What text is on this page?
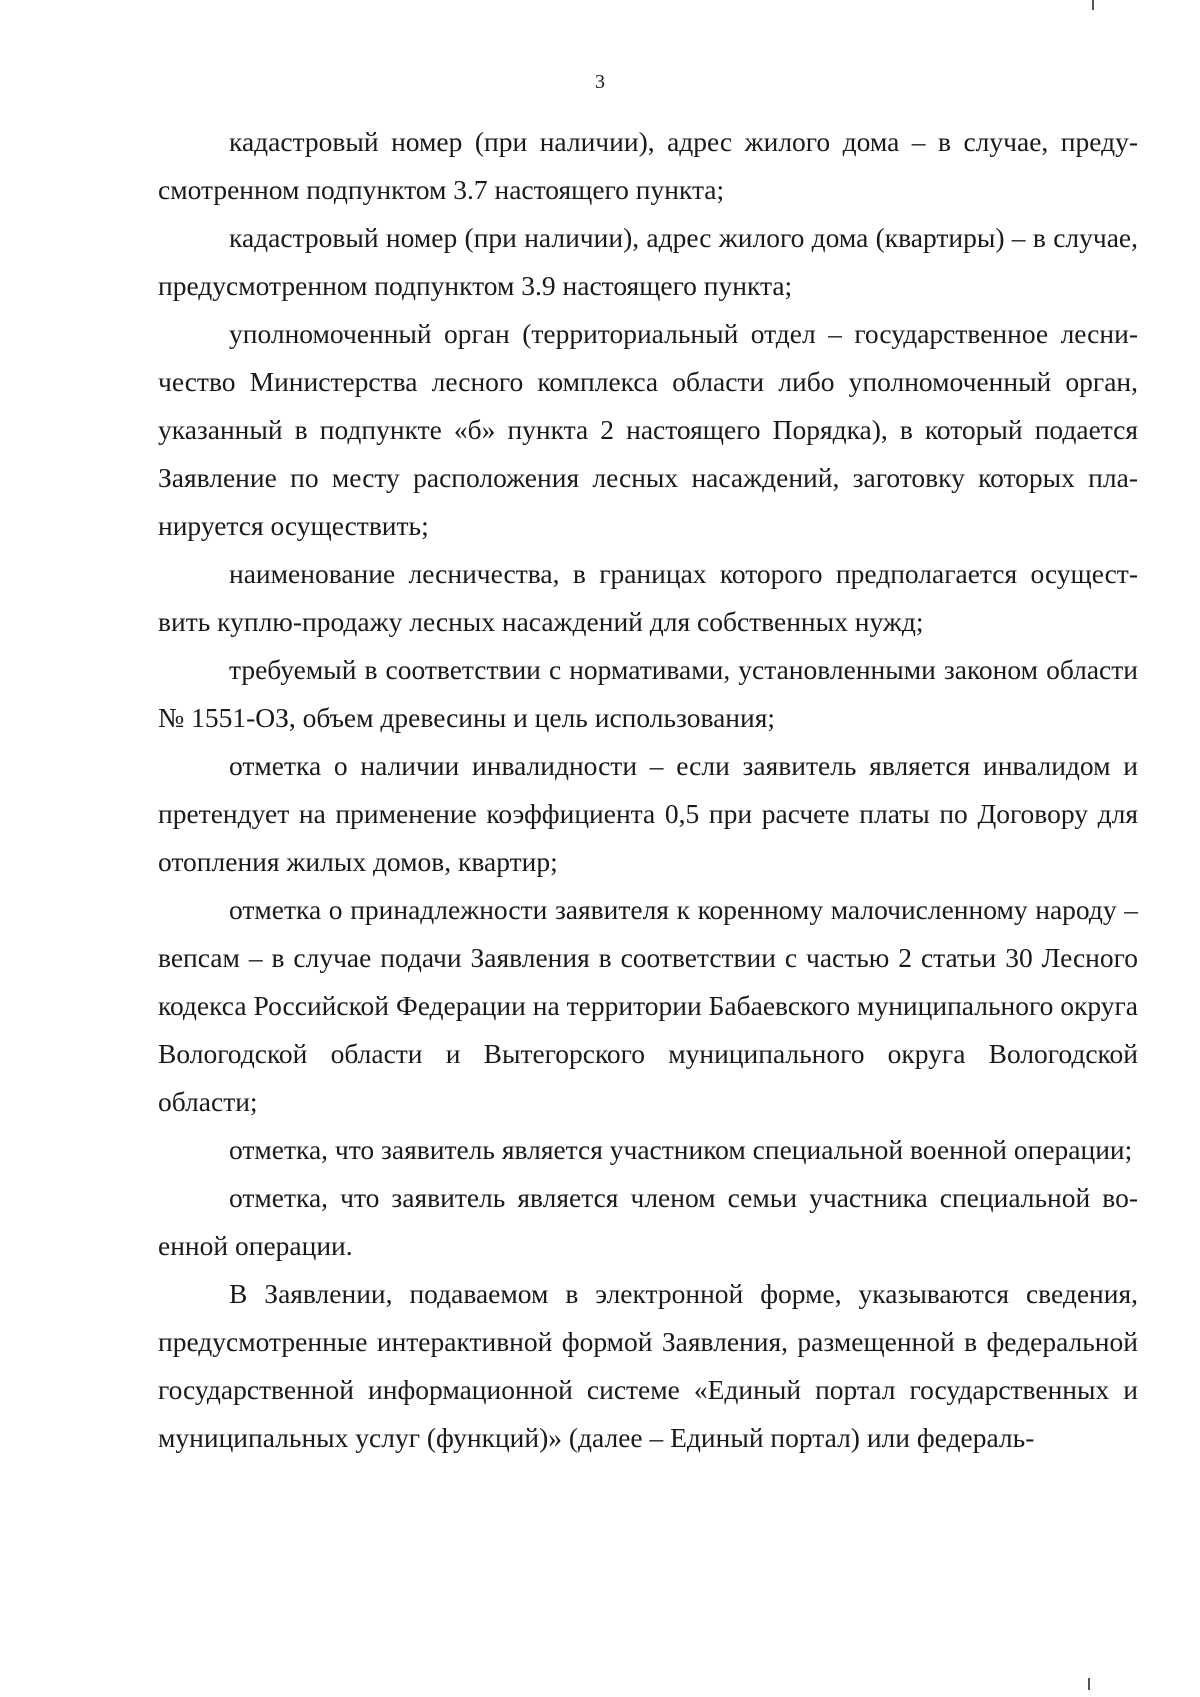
3

кадастровый номер (при наличии), адрес жилого дома – в случае, предусмотренном подпунктом 3.7 настоящего пункта;

кадастровый номер (при наличии), адрес жилого дома (квартиры) – в случае, предусмотренном подпунктом 3.9 настоящего пункта;

уполномоченный орган (территориальный отдел – государственное лесничество Министерства лесного комплекса области либо уполномоченный орган, указанный в подпункте «б» пункта 2 настоящего Порядка), в который подается Заявление по месту расположения лесных насаждений, заготовку которых планируется осуществить;

наименование лесничества, в границах которого предполагается осуществить куплю-продажу лесных насаждений для собственных нужд;

требуемый в соответствии с нормативами, установленными законом области № 1551-ОЗ, объем древесины и цель использования;

отметка о наличии инвалидности – если заявитель является инвалидом и претендует на применение коэффициента 0,5 при расчете платы по Договору для отопления жилых домов, квартир;

отметка о принадлежности заявителя к коренному малочисленному народу – вепсам – в случае подачи Заявления в соответствии с частью 2 статьи 30 Лесного кодекса Российской Федерации на территории Бабаевского муниципального округа Вологодской области и Вытегорского муниципального округа Вологодской области;

отметка, что заявитель является участником специальной военной операции;

отметка, что заявитель является членом семьи участника специальной военной операции.

В Заявлении, подаваемом в электронной форме, указываются сведения, предусмотренные интерактивной формой Заявления, размещенной в федеральной государственной информационной системе «Единый портал государственных и муниципальных услуг (функций)» (далее – Единый портал) или федераль-
